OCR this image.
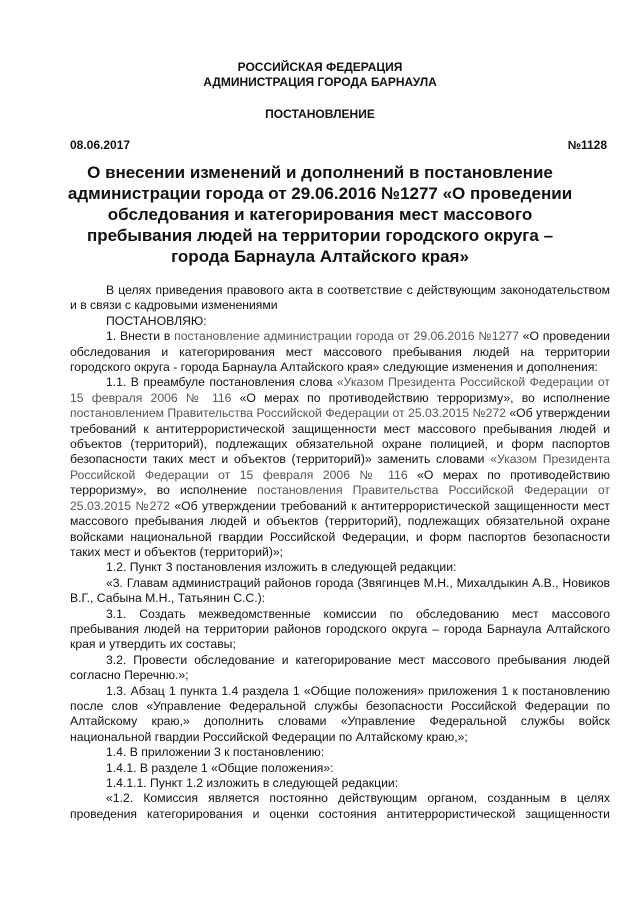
РОССИЙСКАЯ ФЕДЕРАЦИЯ
АДМИНИСТРАЦИЯ ГОРОДА БАРНАУЛА
ПОСТАНОВЛЕНИЕ
08.06.2017	№1128
О внесении изменений и дополнений в постановление администрации города от 29.06.2016 №1277 «О проведении обследования и категорирования мест массового пребывания людей на территории городского округа – города Барнаула Алтайского края»

В целях приведения правового акта в соответствие с действующим законодательством и в связи с кадровыми изменениями

ПОСТАНОВЛЯЮ:

1. Внести в постановление администрации города от 29.06.2016 №1277 «О проведении обследования и категорирования мест массового пребывания людей на территории городского округа - города Барнаула Алтайского края» следующие изменения и дополнения:

1.1. В преамбуле постановления слова «Указом Президента Российской Федерации от 15 февраля 2006 № 116 «О мерах по противодействию терроризму», во исполнение постановлением Правительства Российской Федерации от 25.03.2015 №272 «Об утверждении требований к антитеррористической защищенности мест массового пребывания людей и объектов (территорий), подлежащих обязательной охране полицией, и форм паспортов безопасности таких мест и объектов (территорий)» заменить словами «Указом Президента Российской Федерации от 15 февраля 2006 № 116 «О мерах по противодействию терроризму», во исполнение постановления Правительства Российской Федерации от 25.03.2015 №272 «Об утверждении требований к антитеррористической защищенности мест массового пребывания людей и объектов (территорий), подлежащих обязательной охране войсками национальной гвардии Российской Федерации, и форм паспортов безопасности таких мест и объектов (территорий)»;

1.2. Пункт 3 постановления изложить в следующей редакции:

«3. Главам администраций районов города (Звягинцев М.Н., Михалдыкин А.В., Новиков В.Г., Сабына М.Н., Татьянин С.С.):

3.1. Создать межведомственные комиссии по обследованию мест массового пребывания людей на территории районов городского округа – города Барнаула Алтайского края и утвердить их составы;

3.2. Провести обследование и категорирование мест массового пребывания людей согласно Перечню.»;

1.3. Абзац 1 пункта 1.4 раздела 1 «Общие положения» приложения 1 к постановлению после слов «Управление Федеральной службы безопасности Российской Федерации по Алтайскому краю,» дополнить словами «Управление Федеральной службы войск национальной гвардии Российской Федерации по Алтайскому краю,»;

1.4. В приложении 3 к постановлению:

1.4.1. В разделе 1 «Общие положения»:

1.4.1.1. Пункт 1.2 изложить в следующей редакции:

«1.2. Комиссия является постоянно действующим органом, созданным в целях проведения категорирования и оценки состояния антитеррористической защищенности
